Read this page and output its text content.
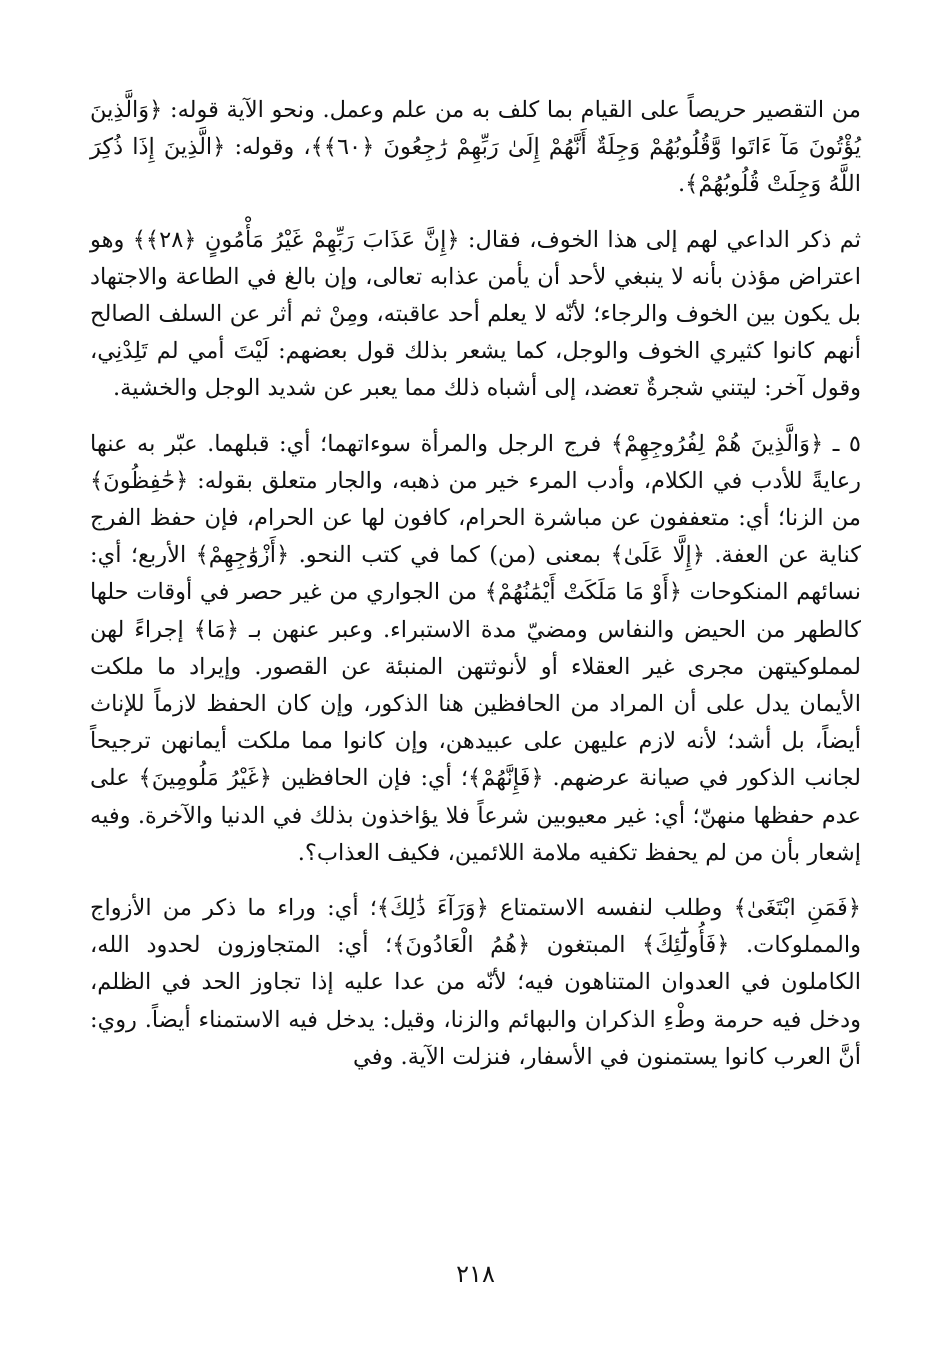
من التقصير حريصاً على القيام بما كلف به من علم وعمل. ونحو الآية قوله: ﴿وَالَّذِينَ يُؤْتُونَ مَآ ءَاتَوا وَّقُلُوبُهُمْ وَجِلَةٌ أَنَّهُمْ إِلَىٰ رَبِّهِمْ رَٰجِعُونَ ﴿٦٠﴾﴾، وقوله: ﴿الَّذِينَ إِذَا ذُكِرَ اللَّهُ وَجِلَتْ قُلُوبُهُمْ﴾.

ثم ذكر الداعي لهم إلى هذا الخوف، فقال: ﴿إِنَّ عَذَابَ رَبِّهِمْ غَيْرُ مَأْمُونٍ ﴿٢٨﴾﴾ وهو اعتراض مؤذن بأنه لا ينبغي لأحد أن يأمن عذابه تعالى، وإن بالغ في الطاعة والاجتهاد بل يكون بين الخوف والرجاء؛ لأنّه لا يعلم أحد عاقبته، ومِنْ ثم أثر عن السلف الصالح أنهم كانوا كثيري الخوف والوجل، كما يشعر بذلك قول بعضهم: لَيْتَ أمي لم تَلِدْنِي، وقول آخر: ليتني شجرةٌ تعضد، إلى أشباه ذلك مما يعبر عن شديد الوجل والخشية.

٥ ـ ﴿وَالَّذِينَ هُمْ لِفُرُوجِهِمْ﴾ فرج الرجل والمرأة سوءاتهما؛ أي: قبلهما. عبّر به عنها رعايةً للأدب في الكلام، وأدب المرء خير من ذهبه، والجار متعلق بقوله: ﴿حَٰفِظُونَ﴾ من الزنا؛ أي: متعففون عن مباشرة الحرام، كافون لها عن الحرام، فإن حفظ الفرج كناية عن العفة. ﴿إِلَّا عَلَىٰ﴾ بمعنى (من) كما في كتب النحو. ﴿أَزْوَٰجِهِمْ﴾ الأربع؛ أي: نسائهم المنكوحات ﴿أَوْ مَا مَلَكَتْ أَيْمَٰنُهُمْ﴾ من الجواري من غير حصر في أوقات حلها كالطهر من الحيض والنفاس ومضيّ مدة الاستبراء. وعبر عنهن بـ ﴿مَا﴾ إجراءً لهن لمملوكيتهن مجرى غير العقلاء أو لأنوثتهن المنبئة عن القصور. وإيراد ما ملكت الأيمان يدل على أن المراد من الحافظين هنا الذكور، وإن كان الحفظ لازماً للإناث أيضاً، بل أشد؛ لأنه لازم عليهن على عبيدهن، وإن كانوا مما ملكت أيمانهن ترجيحاً لجانب الذكور في صيانة عرضهم. ﴿فَإِنَّهُمْ﴾؛ أي: فإن الحافظين ﴿غَيْرُ مَلُومِينَ﴾ على عدم حفظها منهنّ؛ أي: غير معيوبين شرعاً فلا يؤاخذون بذلك في الدنيا والآخرة. وفيه إشعار بأن من لم يحفظ تكفيه ملامة اللائمين، فكيف العذاب؟.

﴿فَمَنِ ابْتَغَىٰ﴾ وطلب لنفسه الاستمتاع ﴿وَرَآءَ ذَٰلِكَ﴾؛ أي: وراء ما ذكر من الأزواج والمملوكات. ﴿فَأُولَٰٓئِكَ﴾ المبتغون ﴿هُمُ الْعَادُونَ﴾؛ أي: المتجاوزون لحدود الله، الكاملون في العدوان المتناهون فيه؛ لأنّه من عدا عليه إذا تجاوز الحد في الظلم، ودخل فيه حرمة وطْءِ الذكران والبهائم والزنا، وقيل: يدخل فيه الاستمناء أيضاً. روي: أنَّ العرب كانوا يستمنون في الأسفار، فنزلت الآية. وفي

٢١٨
